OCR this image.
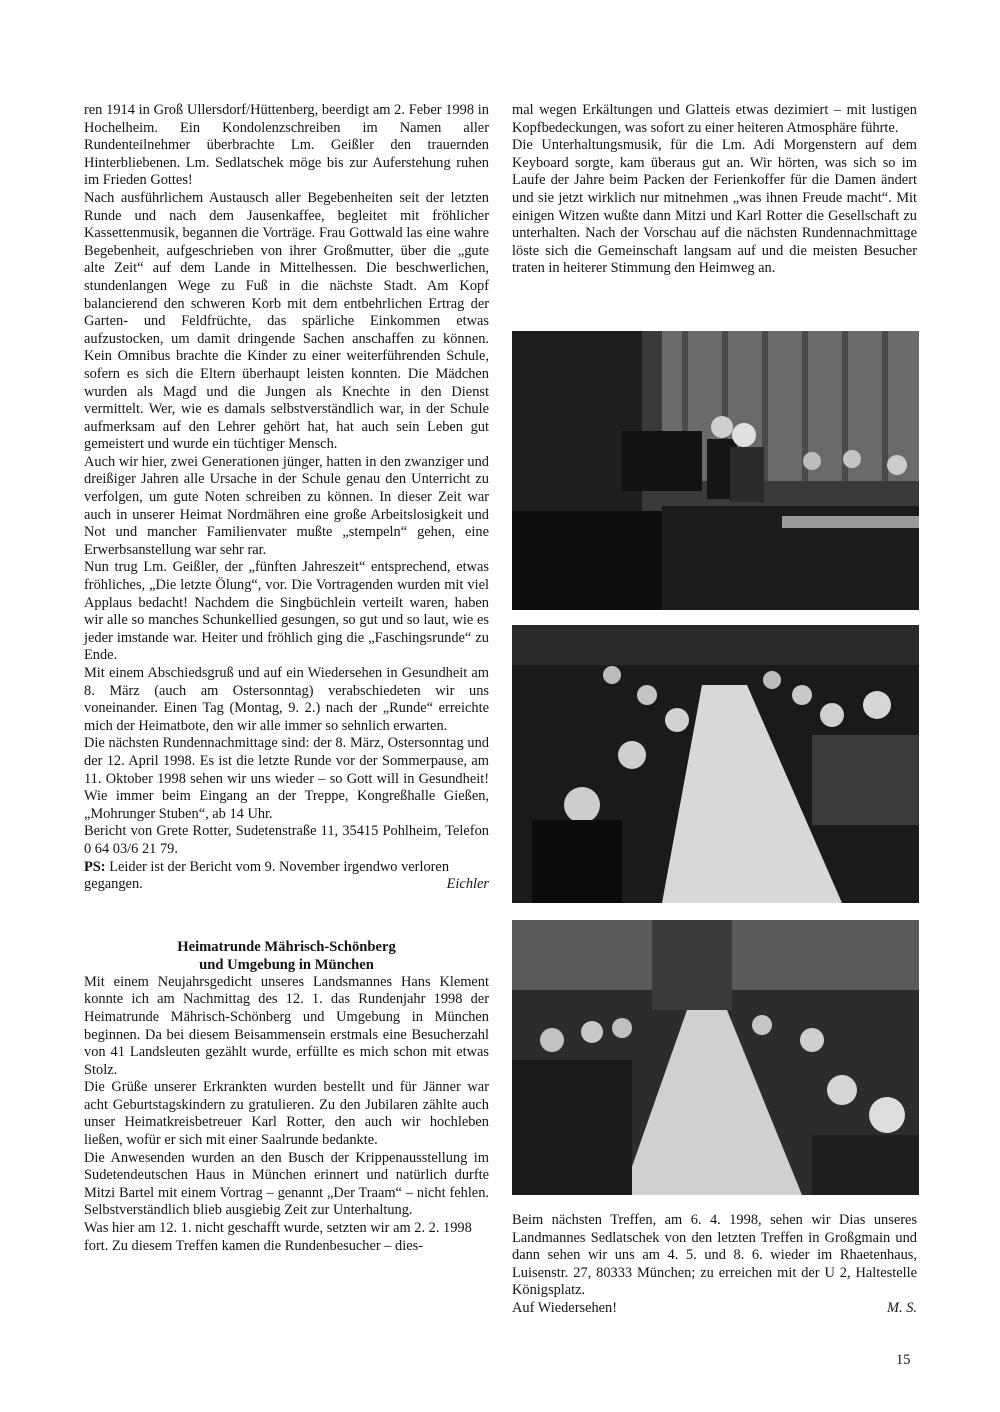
ren 1914 in Groß Ullersdorf/Hüttenberg, beerdigt am 2. Feber 1998 in Hochelheim. Ein Kondolenzschreiben im Namen aller Rundenteilnehmer überbrachte Lm. Geißler den trauernden Hinterbliebenen. Lm. Sedlatschek möge bis zur Auferstehung ruhen im Frieden Gottes!

Nach ausführlichem Austausch aller Begebenheiten seit der letzten Runde und nach dem Jausenkaffee, begleitet mit fröhlicher Kassettenmusik, begannen die Vorträge. Frau Gottwald las eine wahre Begebenheit, aufgeschrieben von ihrer Großmutter, über die „gute alte Zeit“ auf dem Lande in Mittelhessen. Die beschwerlichen, stundenlangen Wege zu Fuß in die nächste Stadt. Am Kopf balancierend den schweren Korb mit dem entbehrlichen Ertrag der Garten- und Feldfrüchte, das spärliche Einkommen etwas aufzustocken, um damit dringende Sachen anschaffen zu können. Kein Omnibus brachte die Kinder zu einer weiterführenden Schule, sofern es sich die Eltern überhaupt leisten konnten. Die Mädchen wurden als Magd und die Jungen als Knechte in den Dienst vermittelt. Wer, wie es damals selbstverständlich war, in der Schule aufmerksam auf den Lehrer gehört hat, hat auch sein Leben gut gemeistert und wurde ein tüchtiger Mensch.

Auch wir hier, zwei Generationen jünger, hatten in den zwanziger und dreißiger Jahren alle Ursache in der Schule genau den Unterricht zu verfolgen, um gute Noten schreiben zu können. In dieser Zeit war auch in unserer Heimat Nordmähren eine große Arbeitslosigkeit und Not und mancher Familienvater mußte „stempeln“ gehen, eine Erwerbsanstellung war sehr rar.

Nun trug Lm. Geißler, der „fünften Jahreszeit“ entsprechend, etwas fröhliches, „Die letzte Ölung“, vor. Die Vortragenden wurden mit viel Applaus bedacht! Nachdem die Singbüchlein verteilt waren, haben wir alle so manches Schunkellied gesungen, so gut und so laut, wie es jeder imstande war. Heiter und fröhlich ging die „Faschingsrunde“ zu Ende.

Mit einem Abschiedsgruß und auf ein Wiedersehen in Gesundheit am 8. März (auch am Ostersonntag) verabschiedeten wir uns voneinander. Einen Tag (Montag, 9. 2.) nach der „Runde“ erreichte mich der Heimatbote, den wir alle immer so sehnlich erwarten.

Die nächsten Rundennachmittage sind: der 8. März, Ostersonntag und der 12. April 1998. Es ist die letzte Runde vor der Sommerpause, am 11. Oktober 1998 sehen wir uns wieder – so Gott will in Gesundheit! Wie immer beim Eingang an der Treppe, Kongreßhalle Gießen, „Mohrunger Stuben“, ab 14 Uhr.

Bericht von Grete Rotter, Sudetenstraße 11, 35415 Pohlheim, Telefon 0 64 03/6 21 79.

PS: Leider ist der Bericht vom 9. November irgendwo verloren

gegangen.	Eichler

Heimatrunde Mährisch-Schönberg

und Umgebung in München

Mit einem Neujahrsgedicht unseres Landsmannes Hans Klement konnte ich am Nachmittag des 12. 1. das Rundenjahr 1998 der Heimatrunde Mährisch-Schönberg und Umgebung in München beginnen. Da bei diesem Beisammensein erstmals eine Besucherzahl von 41 Landsleuten gezählt wurde, erfüllte es mich schon mit etwas Stolz.

Die Grüße unserer Erkrankten wurden bestellt und für Jänner war acht Geburtstagskindern zu gratulieren. Zu den Jubilaren zählte auch unser Heimatkreisbetreuer Karl Rotter, den auch wir hochleben ließen, wofür er sich mit einer Saalrunde bedankte.

Die Anwesenden wurden an den Busch der Krippenausstellung im Sudetendeutschen Haus in München erinnert und natürlich durfte Mitzi Bartel mit einem Vortrag – genannt „Der Traam“ – nicht fehlen. Selbstverständlich blieb ausgiebig Zeit zur Unterhaltung.

Was hier am 12. 1. nicht geschafft wurde, setzten wir am 2. 2. 1998 fort. Zu diesem Treffen kamen die Rundenbesucher – dies-

mal wegen Erkältungen und Glatteis etwas dezimiert – mit lustigen Kopfbedeckungen, was sofort zu einer heiteren Atmosphäre führte.

Die Unterhaltungsmusik, für die Lm. Adi Morgenstern auf dem Keyboard sorgte, kam überaus gut an. Wir hörten, was sich so im Laufe der Jahre beim Packen der Ferienkoffer für die Damen ändert und sie jetzt wirklich nur mitnehmen „was ihnen Freude macht“. Mit einigen Witzen wußte dann Mitzi und Karl Rotter die Gesellschaft zu unterhalten. Nach der Vorschau auf die nächsten Rundennachmittage löste sich die Gemeinschaft langsam auf und die meisten Besucher traten in heiterer Stimmung den Heimweg an.

Beim nächsten Treffen, am 6. 4. 1998, sehen wir Dias unseres Landmannes Sedlatschek von den letzten Treffen in Großgmain und dann sehen wir uns am 4. 5. und 8. 6. wieder im Rhaetenhaus, Luisenstr. 27, 80333 München; zu erreichen mit der U 2, Haltestelle Königsplatz.

Auf Wiedersehen!	M. S.
15
